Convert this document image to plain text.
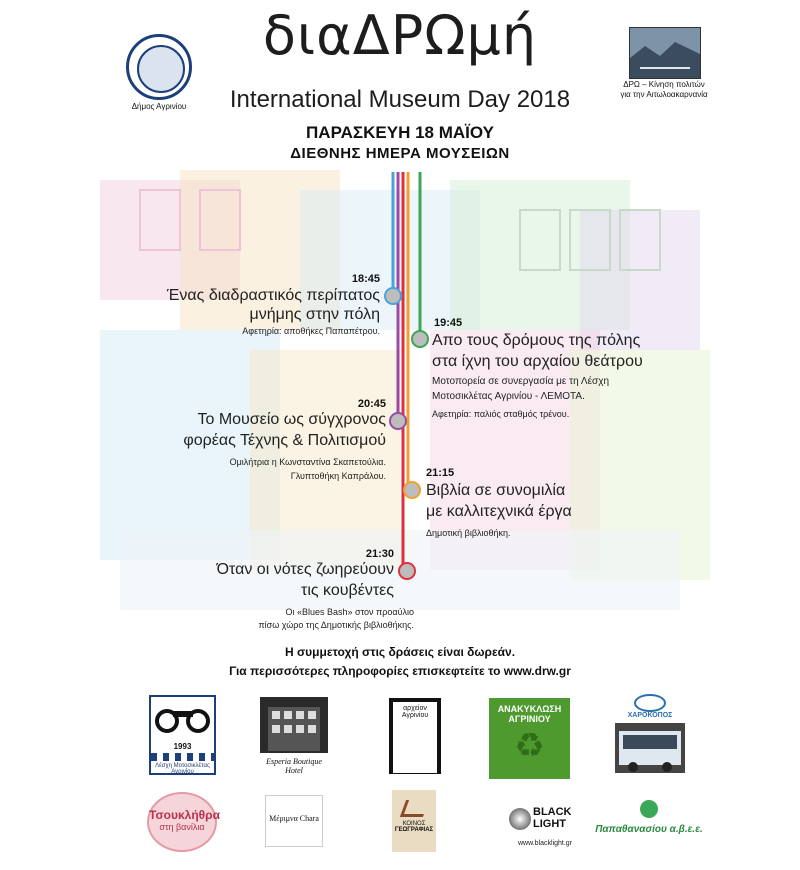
Δήμος Αγρινίου
ΔΡΩ – Κίνηση πολιτών
για την Αιτωλοακαρνανία
διαΔΡΩμή
International Museum Day 2018
ΠΑΡΑΣΚΕΥΗ 18 ΜΑΪΟΥ
ΔΙΕΘΝΗΣ ΗΜΕΡΑ ΜΟΥΣΕΙΩΝ
18:45
Ένας διαδραστικός περίπατος
μνήμης στην πόλη
Αφετηρία: αποθήκες Παπαπέτρου.
19:45
Απο τους δρόμους της πόλης
στα ίχνη του αρχαίου θεάτρου
Μοτοπορεία σε συνεργασία με τη Λέσχη
Μοτοσικλέτας Αγρινίου - ΛΕΜΟΤΑ.
Αφετηρία: παλιός σταθμός τρένου.
20:45
Το Μουσείο ως σύγχρονος
φορέας Τέχνης & Πολιτισμού
Ομιλήτρια η Κωνσταντίνα Σκαπετούλια.
Γλυπτοθήκη Καπράλου.	21:15
Βιβλία σε συνομιλία
με καλλιτεχνικά έργα
Δημοτική βιβλιοθήκη.
21:30
Όταν οι νότες ζωηρεύουν
τις κουβέντες
Οι «Blues Bash» στον προαύλιο
πίσω χώρο της Δημοτικής βιβλιοθήκης.
Η συμμετοχή στις δράσεις είναι δωρεάν.
Για περισσότερες πληροφορίες επισκεφτείτε το www.drw.gr
1993
Λέσχη Μοτοσικλέτας Αγρινίου
Esperia Boutique
Hotel
αρχείον
Αγρινίου
ΑΝΑΚΥΚΛΩΣΗ
ΑΓΡΙΝΙΟΥ
♻
ΧΑΡΟΚΟΠΟΣ
Τσουκλήθρα
στη βανίλια
Μέριμνα Chara
ΚΟΙΝΟΣ
ΓΕΩΓΡΑΦΙΑΣ
BLACK
LIGHT
www.blacklight.gr
Παπαθανασίου α.β.ε.ε.
